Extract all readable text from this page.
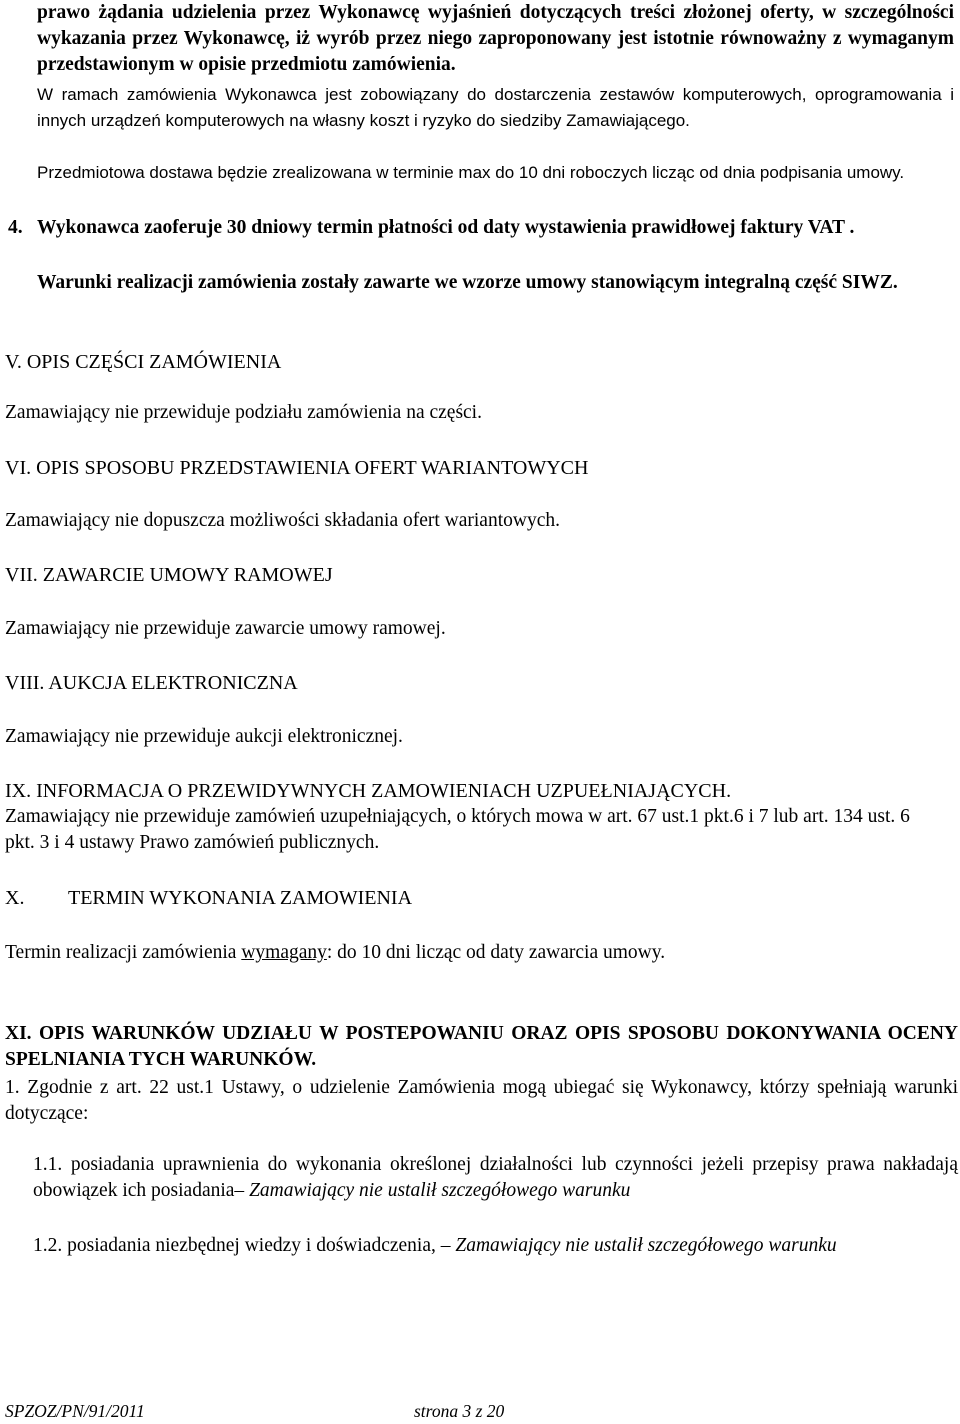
prawo żądania udzielenia przez Wykonawcę wyjaśnień dotyczących treści złożonej oferty, w szczególności wykazania przez Wykonawcę, iż wyrób przez niego zaproponowany jest istotnie równoważny z wymaganym przedstawionym w opisie przedmiotu zamówienia.

W ramach zamówienia Wykonawca jest zobowiązany do dostarczenia zestawów komputerowych, oprogramowania i innych urządzeń komputerowych na własny koszt i ryzyko do siedziby Zamawiającego.

Przedmiotowa dostawa będzie zrealizowana w terminie max do 10 dni roboczych licząc od dnia podpisania umowy.

4. Wykonawca zaoferuje 30 dniowy termin płatności od daty wystawienia prawidłowej faktury VAT .

Warunki realizacji zamówienia zostały zawarte we wzorze umowy stanowiącym integralną część SIWZ.

V. OPIS CZĘŚCI ZAMÓWIENIA

Zamawiający nie przewiduje podziału zamówienia na części.

VI. OPIS SPOSOBU PRZEDSTAWIENIA OFERT WARIANTOWYCH

Zamawiający nie dopuszcza możliwości składania ofert wariantowych.

VII. ZAWARCIE UMOWY RAMOWEJ

Zamawiający nie przewiduje zawarcie umowy ramowej.

VIII. AUKCJA ELEKTRONICZNA

Zamawiający nie przewiduje aukcji elektronicznej.

IX. INFORMACJA O PRZEWIDYWNYCH ZAMOWIENIACH UZPUEŁNIAJĄCYCH.

Zamawiający nie przewiduje zamówień uzupełniających, o których mowa w art. 67 ust.1 pkt.6 i 7 lub art. 134 ust. 6 pkt. 3 i 4 ustawy Prawo zamówień publicznych.

X. TERMIN WYKONANIA ZAMOWIENIA

Termin realizacji zamówienia wymagany: do 10 dni licząc od daty zawarcia umowy.

XI. OPIS WARUNKÓW UDZIAŁU W POSTEPOWANIU ORAZ OPIS SPOSOBU DOKONYWANIA OCENY SPELNIANIA TYCH WARUNKÓW.

1. Zgodnie z art. 22 ust.1 Ustawy, o udzielenie Zamówienia mogą ubiegać się Wykonawcy, którzy spełniają warunki dotyczące:

1.1. posiadania uprawnienia do wykonania określonej działalności lub czynności jeżeli przepisy prawa nakładają obowiązek ich posiadania– Zamawiający nie ustalił szczegółowego warunku

1.2. posiadania niezbędnej wiedzy i doświadczenia, – Zamawiający nie ustalił szczegółowego warunku

SPZOZ/PN/91/2011	strona 3 z 20
